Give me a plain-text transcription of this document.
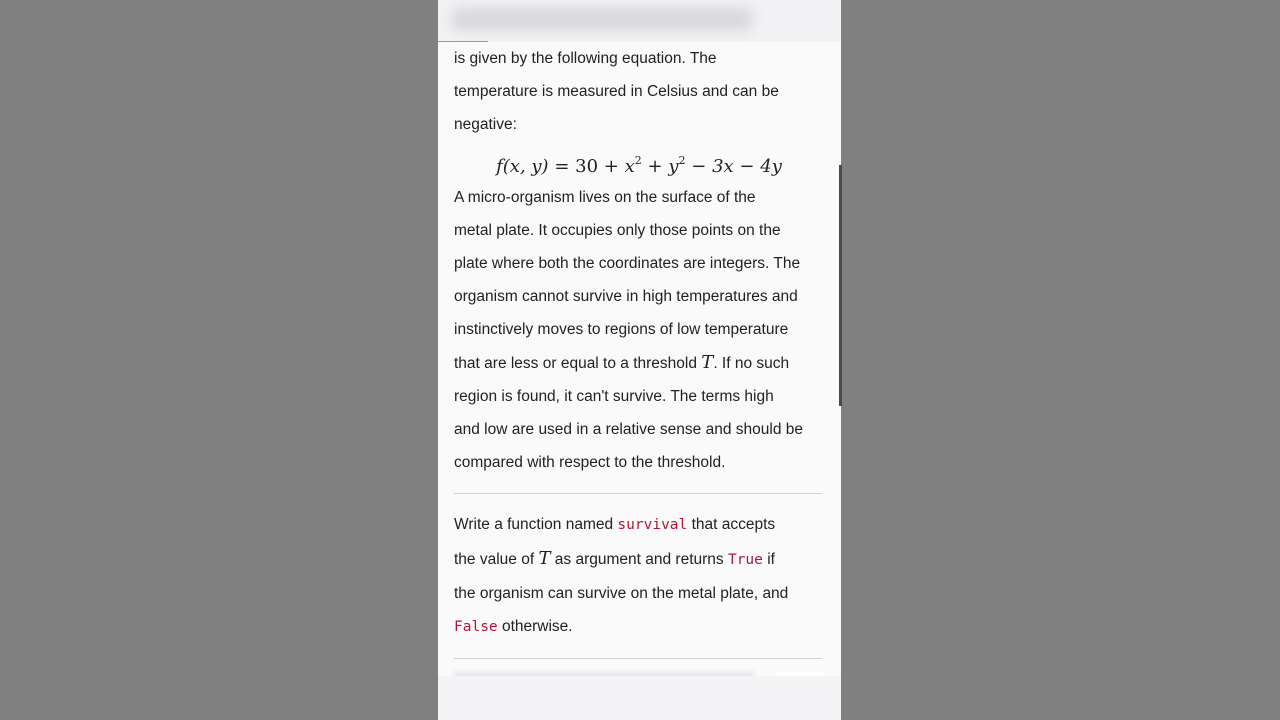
is given by the following equation. The

temperature is measured in Celsius and can be

negative:

f(x, $y) = 30 + x^2 + y^2 - 3x - 4y$

A micro-organism lives on the surface of the

metal plate. It occupies only those points on the

plate where both the coordinates are integers. The

organism cannot survive in high temperatures and

instinctively moves to regions of low temperature

that are less or equal to a threshold T. If no such

region is found, it can't survive. The terms high

and low are used in a relative sense and should be

compared with respect to the threshold.

Write a function named survival that accepts

the value of T as argument and returns True if

the organism can survive on the metal plate, and

False otherwise.
